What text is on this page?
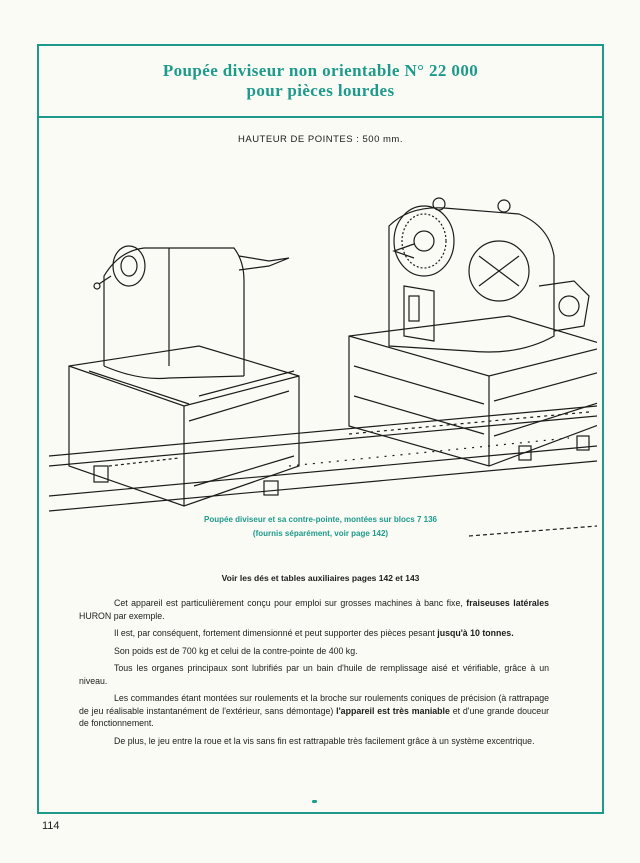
Poupée diviseur non orientable N° 22 000
pour pièces lourdes
HAUTEUR DE POINTES : 500 mm.
Poupée diviseur et sa contre-pointe, montées sur blocs 7 136
(fournis séparément, voir page 142)
Voir les dés et tables auxiliaires pages 142 et 143

Cet appareil est particulièrement conçu pour emploi sur grosses machines à banc fixe, fraiseuses latérales HURON par exemple.

Il est, par conséquent, fortement dimensionné et peut supporter des pièces pesant jusqu'à 10 tonnes.

Son poids est de 700 kg et celui de la contre-pointe de 400 kg.

Tous les organes principaux sont lubrifiés par un bain d'huile de remplissage aisé et vérifiable, grâce à un niveau.

Les commandes étant montées sur roulements et la broche sur roulements coniques de précision (à rattrapage de jeu réalisable instantanément de l'extérieur, sans démontage) l'appareil est très maniable et d'une grande douceur de fonctionnement.

De plus, le jeu entre la roue et la vis sans fin est rattrapable très facilement grâce à un système excentrique.

114
